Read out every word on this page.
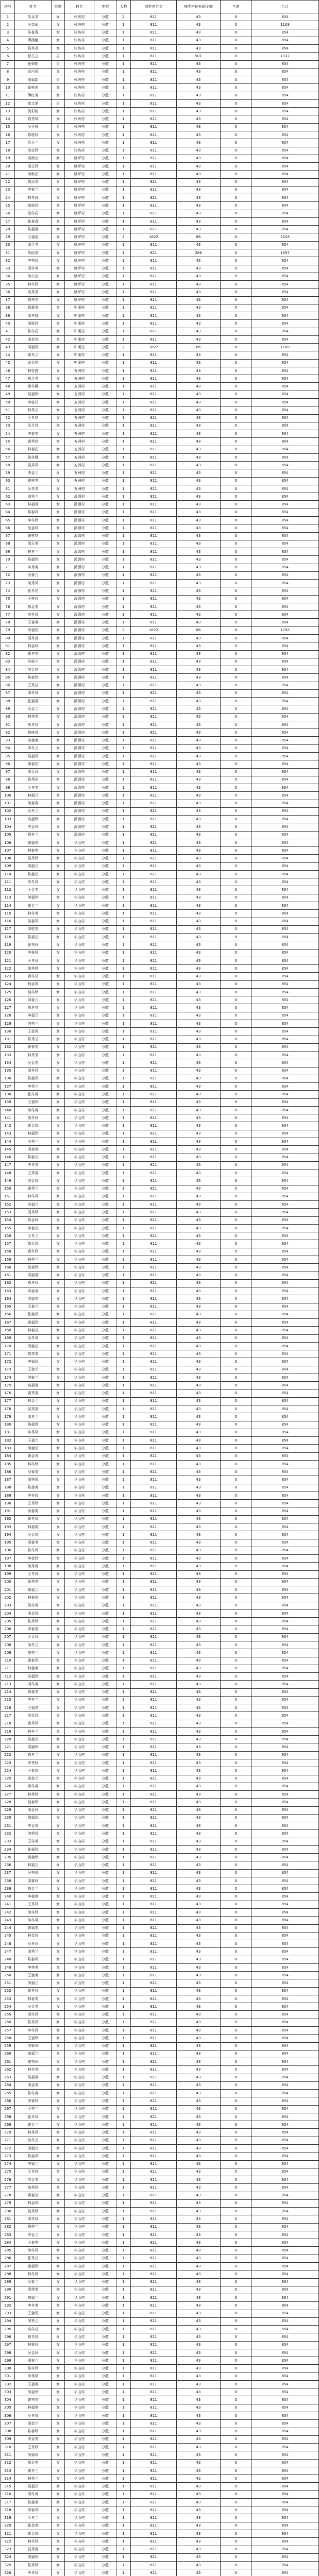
序号	姓名	性别	村名	类型	人数	同类养老金	独生村民补助金额	年度	合计
1	朱永芳	女	张坊村	分散	2	811	43	0	854
2	吴益菊	女	张坊村	分散	1	811	43	0	1108
3	朱春香	女	张坊村	分散	1	811	43	0	854
4	傅扬艳	女	张坊村	分散	1	811	43	0	854
5	陈秀君	女	张坊村	分散	1	811	43	0	854
6	彭关立	男	张坊村	分散	1	811	501	0	1312
7	张荣阳	男	张坊村	分散	1	811	43	0	854
8	余巧凤	女	张坊村	分散	1	811	43	0	854
9	徐福新	男	张坊村	分散	1	811	43	0	854
10	张桂连	女	张坊村	分散	1	811	43	0	854
11	傅红英	女	张坊村	分散	1	811	43	0	854
12	徐文荣	男	张坊村	分散	1	811	43	0	854
13	吴彩仙	女	张坊村	分散	1	811	43	0	854
14	陈秀凤	女	张坊村	分散	1	811	43	0	854
15	吴日荣	男	张坊村	分散	1	811	43	0	854
16	陈桂珍	女	张坊村	分散	1	811	43	0	854
17	彭玉兰	女	张坊村	分散	1	811	43	0	854
18	吴宝珍	女	张坊村	分散	1	811	43	0	854
19	高梅兰	女	桃坪村	分散	1	811	43	0	854
20	周玉珍	女	桃坪村	分散	1	811	43	0	854
21	何秋花	女	桃坪村	分散	1	811	43	0	854
22	陈水英	女	桃坪村	分散	1	811	43	0	854
23	李春兰	女	桃坪村	分散	1	811	43	0	854
24	林冬凤	女	桃坪村	分散	1	811	43	0	854
25	高桂珍	女	桃坪村	分散	1	811	43	0	854
26	范冬花	女	桃坪村	分散	1	811	43	0	854
27	张春香	女	桃坪村	分散	1	811	43	0	854
28	陈福英	女	桃坪村	分散	1	811	43	0	854
29	王福连	女	桃坪村	分散	2	1622	86	0	2108
30	周月英	女	桃坪村	分散	1	811	43	0	854
31	朱仙英	女	桃坪村	分散	1	811	286	0	1097
32	李秀珍	女	桃坪村	分散	1	811	43	0	854
33	周冬英	女	桃坪村	分散	1	811	43	0	854
34	何小云	女	桃坪村	分散	1	811	43	0	854
35	林冬珍	女	桃坪村	分散	1	811	43	0	854
36	高秀芳	女	桃坪村	分散	1	811	43	0	854
37	陈秀芳	女	桃坪村	分散	1	811	43	0	854
38	陈素英	女	中溪村	分散	1	811	43	0	854
39	周冬娥	女	中溪村	分散	1	811	43	0	854
40	周桂珍	女	中溪村	分散	1	811	43	0	854
41	陈冬花	女	中溪村	分散	1	811	43	0	854
42	周金凤	女	中溪村	分散	1	811	43	0	854
43	周福凤	女	中溪村	分散	2	1622	86	0	1708
44	黄冬兰	女	中溪村	分散	1	811	43	0	854
45	余金花	女	中溪村	分散	1	811	43	0	854
46	林雪莲	女	五洲村	分散	1	811	43	0	854
47	陈月英	女	五洲村	分散	1	811	43	0	854
48	黄冬娥	女	五洲村	分散	1	811	43	0	854
49	吴福珍	女	五洲村	分散	1	811	43	0	854
50	李桂兰	女	五洲村	分散	1	811	43	0	854
51	林秀兰	女	五洲村	分散	1	811	43	0	854
52	王冬花	女	五洲村	分散	1	811	43	0	854
53	吴月珍	女	五洲村	分散	1	811	43	0	854
54	李春英	女	五洲村	分散	1	811	43	0	854
55	黄秀珍	女	五洲村	分散	1	811	43	0	854
56	林春花	女	五洲村	分散	1	811	43	0	854
57	陈冬娥	女	五洲村	分散	1	811	43	0	854
58	吴秀凤	女	五洲村	分散	1	811	43	0	854
59	李金兰	女	五洲村	分散	1	811	43	0	854
60	黄桂英	女	五洲村	分散	1	811	43	0	854
61	吴冬英	女	五洲村	分散	1	811	43	0	854
62	周秀兰	女	溪源村	分散	1	811	43	0	854
63	林福英	女	溪源村	分散	1	811	43	0	854
64	陈春凤	女	溪源村	分散	1	811	43	0	854
65	李冬珍	女	溪源村	分散	1	811	43	0	854
66	吴金凤	女	溪源村	分散	1	811	43	0	854
67	黄桂花	女	溪源村	分散	1	811	43	0	854
68	周玉英	女	溪源村	分散	1	811	43	0	854
69	林冬兰	女	溪源村	分散	1	811	43	0	854
70	陈福珍	女	溪源村	分散	1	811	43	0	854
71	李秀英	女	溪源村	分散	1	811	43	0	854
72	吴春兰	女	溪源村	分散	1	811	43	0	854
73	何秀凤	女	溪源村	分散	1	811	43	0	854
74	张冬花	女	溪源村	分散	1	811	43	0	854
75	王桂珍	女	溪源村	分散	1	811	43	0	854
76	陈金英	女	溪源村	分散	1	811	43	0	854
77	何冬凤	女	溪源村	分散	1	811	43	0	854
78	王春英	女	溪源村	分散	1	811	43	0	854
79	李福花	女	溪源村	分散	2	1622	86	0	1708
80	周秀芳	女	溪源村	分散	1	811	43	0	854
81	林金珍	女	溪源村	分散	1	811	43	0	854
82	黄冬英	女	溪源村	分散	1	811	43	0	854
83	吴桂兰	女	溪源村	分散	1	811	43	0	854
84	何金花	女	溪源村	分散	1	811	43	0	854
85	陈春珍	女	溪源村	分散	1	811	43	0	854
86	王秀兰	女	溪源村	分散	1	811	43	0	854
87	周冬凤	女	溪源村	分散	1	811	43	0	854
88	张福英	女	溪源村	分散	1	811	43	0	854
89	吴金兰	女	溪源村	分散	1	811	43	0	854
90	林秀英	女	溪源村	分散	1	811	43	0	854
91	朱冬珍	女	溪源村	分散	1	811	43	0	854
92	陈桂凤	女	溪源村	分散	1	811	43	0	854
93	高金英	女	溪源村	分散	1	811	43	0	854
94	李冬兰	女	溪源村	分散	1	811	43	0	854
95	吴福凤	女	溪源村	分散	1	811	43	0	854
96	黄春花	女	溪源村	分散	1	811	43	0	854
97	周金珍	女	溪源村	分散	1	811	43	0	854
98	陈秀花	女	溪源村	分散	1	811	43	0	854
99	王冬英	女	溪源村	分散	1	811	43	0	854
100	林福兰	女	溪源村	分散	1	811	43	0	854
101	何春英	女	溪源村	分散	1	811	43	0	854
102	吴冬兰	女	溪源村	分散	1	811	43	0	854
103	高福珍	女	溪源村	分散	1	811	43	0	854
104	李金凤	女	溪源村	分散	1	811	43	0	854
105	陈冬兰	女	溪源村	分散	1	811	43	0	854
106	黄福英	女	华山村	分散	1	811	43	0	854
107	林春英	女	华山村	分散	1	811	43	0	854
108	吴秀珍	女	华山村	分散	1	811	43	0	854
109	周福兰	女	华山村	分散	1	811	43	0	854
110	陈金兰	女	华山村	分散	1	811	43	0	854
111	李冬凤	女	华山村	分散	1	811	43	0	854
112	王金英	女	华山村	分散	1	811	43	0	854
113	何福珍	女	华山村	分散	1	811	43	0	854
114	黄金兰	女	华山村	分散	1	811	43	0	854
115	林冬英	女	华山村	分散	1	811	43	0	854
116	吴春凤	女	华山村	分散	1	811	43	0	854
117	周桂英	女	华山村	分散	1	811	43	0	854
118	陈福兰	女	华山村	分散	1	811	43	0	854
119	张秀珍	女	华山村	分散	1	811	43	0	854
120	李春凤	女	华山村	分散	1	811	43	0	854
121	王冬珍	女	华山村	分散	1	811	43	0	854
122	高秀英	女	华山村	分散	1	811	43	0	854
123	黄冬兰	女	华山村	分散	1	811	43	0	854
124	林金凤	女	华山村	分散	1	811	43	0	854
125	吴冬珍	女	华山村	分散	1	811	43	0	854
126	周春兰	女	华山村	分散	1	811	43	0	854
127	陈冬英	女	华山村	分散	1	811	43	0	854
128	李福兰	女	华山村	分散	1	811	43	0	854
129	何秀兰	女	华山村	分散	1	811	43	0	854
130	王金凤	女	华山村	分散	1	811	43	0	854
131	陈秀兰	女	华山村	分散	1	811	43	0	854
132	黄春英	女	华山村	分散	1	811	43	0	854
133	林秀芳	女	华山村	分散	1	811	43	0	854
134	吴金英	女	华山村	分散	1	811	43	0	854
135	周冬珍	女	华山村	分散	1	811	43	0	854
136	陈金凤	女	华山村	分散	1	811	43	0	854
137	李秀兰	女	华山村	分散	1	811	43	0	854
138	张冬英	女	华山村	分散	1	811	43	0	854
139	王福珍	女	华山村	分散	1	811	43	0	854
140	何冬英	女	华山村	分散	1	811	43	0	854
141	高冬珍	女	华山村	分散	1	811	43	0	854
142	黄金凤	女	华山村	分散	1	811	43	0	854
143	林福珍	女	华山村	分散	1	811	43	0	854
144	吴秀兰	女	华山村	分散	1	811	43	0	854
145	周金英	女	华山村	分散	1	811	43	0	854
146	陈春兰	女	华山村	分散	1	811	43	0	854
147	李冬英	女	华山村	分散	1	811	43	0	854
148	王秀英	女	华山村	分散	1	811	43	0	854
149	何金凤	女	华山村	分散	1	811	43	0	854
150	黄秀兰	女	华山村	分散	1	811	43	0	854
151	林冬凤	女	华山村	分散	1	811	43	0	854
152	吴福兰	女	华山村	分散	1	811	43	0	854
153	周秀珍	女	华山村	分散	1	811	43	0	854
154	陈金珍	女	华山村	分散	1	811	43	0	854
155	李春兰	女	华山村	分散	1	811	43	0	854
156	王冬兰	女	华山村	分散	1	811	43	0	854
157	高金凤	女	华山村	分散	1	811	43	0	854
158	黄冬珍	女	华山村	分散	1	811	43	0	854
159	林秀兰	女	华山村	分散	1	811	43	0	854
160	吴金珍	女	华山村	分散	1	811	43	0	854
161	周福英	女	华山村	分散	1	811	43	0	854
162	陈冬珍	女	华山村	分散	1	811	43	0	854
163	李金英	女	华山村	分散	1	811	43	0	854
164	何福英	女	华山村	分散	1	811	43	0	854
165	王春兰	女	华山村	分散	1	811	43	0	854
166	张金凤	女	华山村	分散	1	811	43	0	854
167	黄福珍	女	华山村	分散	1	811	43	0	854
168	林春兰	女	华山村	分散	1	811	43	0	854
169	吴冬凤	女	华山村	分散	1	811	43	0	854
170	周金兰	女	华山村	分散	1	811	43	0	854
171	陈秀英	女	华山村	分散	1	811	43	0	854
172	李福珍	女	华山村	分散	1	811	43	0	854
173	王金兰	女	华山村	分散	1	811	43	0	854
174	何春兰	女	华山村	分散	1	811	43	0	854
175	高福英	女	华山村	分散	1	811	43	0	854
176	黄秀英	女	华山村	分散	1	811	43	0	854
177	林金兰	女	华山村	分散	1	811	43	0	854
178	吴秀英	女	华山村	分散	1	811	43	0	854
179	周冬兰	女	华山村	分散	1	811	43	0	854
180	陈福英	女	华山村	分散	1	811	43	0	854
181	李秀凤	女	华山村	分散	1	811	43	0	854
182	王福兰	女	华山村	分散	1	811	43	0	854
183	何金兰	女	华山村	分散	1	811	43	0	854
184	黄金英	女	华山村	分散	1	811	43	0	854
185	林冬珍	女	华山村	分散	1	811	43	0	854
186	吴春英	女	华山村	分散	1	811	43	0	854
187	周秀凤	女	华山村	分散	1	811	43	0	854
188	陈金英	女	华山村	分散	1	811	43	0	854
189	李冬珍	女	华山村	分散	1	811	43	0	854
190	王秀珍	女	华山村	分散	1	811	43	0	854
191	高春英	女	华山村	分散	1	811	43	0	854
192	黄冬凤	女	华山村	分散	1	811	43	0	854
193	林福英	女	华山村	分散	1	811	43	0	854
194	吴金凤	女	华山村	分散	1	811	43	0	854
195	周春英	女	华山村	分散	1	811	43	0	854
196	陈冬凤	女	华山村	分散	1	811	43	0	854
197	李金珍	女	华山村	分散	1	811	43	0	854
198	何秀英	女	华山村	分散	1	811	43	0	854
199	王冬凤	女	华山村	分散	1	811	43	0	854
200	张秀英	女	华山村	分散	1	811	43	0	854
201	黄福兰	女	华山村	分散	1	811	43	0	854
202	林春凤	女	华山村	分散	1	811	43	0	854
203	吴冬英	女	华山村	分散	1	811	43	0	854
204	周金凤	女	华山村	分散	1	811	43	0	854
205	陈秀珍	女	华山村	分散	1	811	43	0	854
206	李春英	女	华山村	分散	1	811	43	0	854
207	王金珍	女	华山村	分散	1	811	43	0	854
208	何冬兰	女	华山村	分散	1	811	43	0	854
209	高秀兰	女	华山村	分散	1	811	43	0	854
210	黄春凤	女	华山村	分散	1	811	43	0	854
211	林金英	女	华山村	分散	1	811	43	0	854
212	吴福珍	女	华山村	分散	1	811	43	0	854
213	周冬英	女	华山村	分散	1	811	43	0	854
214	陈春英	女	华山村	分散	1	811	43	0	854
215	李冬兰	女	华山村	分散	1	811	43	0	854
216	王福英	女	华山村	分散	1	811	43	0	854
217	何金珍	女	华山村	分散	1	811	43	0	854
218	黄秀凤	女	华山村	分散	1	811	43	0	854
219	林冬兰	女	华山村	分散	1	811	43	0	854
220	吴金兰	女	华山村	分散	1	811	43	0	854
221	周福珍	女	华山村	分散	1	811	43	0	854
222	陈冬兰	女	华山村	分散	1	811	43	0	854
223	李秀珍	女	华山村	分散	1	811	43	0	854
224	王春凤	女	华山村	分散	1	811	43	0	854
225	高金兰	女	华山村	分散	1	811	43	0	854
226	黄冬英	女	华山村	分散	1	811	43	0	854
227	林秀珍	女	华山村	分散	1	811	43	0	854
228	吴春珍	女	华山村	分散	1	811	43	0	854
229	周金珍	女	华山村	分散	1	811	43	0	854
230	陈福珍	女	华山村	分散	1	811	43	0	854
231	李金凤	女	华山村	分散	1	811	43	0	854
232	何秀珍	女	华山村	分散	1	811	43	0	854
233	王冬英	女	华山村	分散	1	811	43	0	854
234	张福珍	女	华山村	分散	1	811	43	0	854
235	黄金珍	女	华山村	分散	1	811	43	0	854
236	林福兰	女	华山村	分散	1	811	43	0	854
237	吴秀凤	女	华山村	分散	1	811	43	0	854
238	周春珍	女	华山村	分散	1	811	43	0	854
239	陈金兰	女	华山村	分散	1	811	43	0	854
240	李福英	女	华山村	分散	1	811	43	0	854
241	王秀凤	女	华山村	分散	1	811	43	0	854
242	何冬珍	女	华山村	分散	1	811	43	0	854
243	高冬英	女	华山村	分散	1	811	43	0	854
244	黄福英	女	华山村	分散	1	811	43	0	854
245	林金珍	女	华山村	分散	1	811	43	0	854
246	吴冬珍	女	华山村	分散	1	811	43	0	854
247	周秀兰	女	华山村	分散	1	811	43	0	854
248	陈春凤	女	华山村	分散	1	811	43	0	854
249	李秀英	女	华山村	分散	1	811	43	0	854
250	王金英	女	华山村	分散	1	811	43	0	854
251	何福兰	女	华山村	分散	1	811	43	0	854
252	黄冬珍	女	华山村	分散	1	811	43	0	854
253	林春英	女	华山村	分散	1	811	43	0	854
254	吴金英	女	华山村	分散	1	811	43	0	854
255	周冬凤	女	华山村	分散	1	811	43	0	854
256	陈秀凤	女	华山村	分散	1	811	43	0	854
257	李冬凤	女	华山村	分散	1	811	43	0	854
258	王福珍	女	华山村	分散	1	811	43	0	854
259	何春凤	女	华山村	分散	1	811	43	0	854
260	高福兰	女	华山村	分散	1	811	43	0	854
261	黄秀珍	女	华山村	分散	1	811	43	0	854
262	林冬英	女	华山村	分散	1	811	43	0	854
263	吴福英	女	华山村	分散	1	811	43	0	854
264	周金英	女	华山村	分散	1	811	43	0	854
265	陈冬英	女	华山村	分散	1	811	43	0	854
266	李春珍	女	华山村	分散	1	811	43	0	854
267	王秀兰	女	华山村	分散	1	811	43	0	854
268	张冬珍	女	华山村	分散	1	811	43	0	854
269	黄金兰	女	华山村	分散	1	811	43	0	854
270	林秀凤	女	华山村	分散	1	811	43	0	854
271	吴冬兰	女	华山村	分散	1	811	43	0	854
272	周福兰	女	华山村	分散	1	811	43	0	854
273	陈金凤	女	华山村	分散	1	811	43	0	854
274	李福兰	女	华山村	分散	1	811	43	0	854
275	王冬珍	女	华山村	分散	1	811	43	0	854
276	何金英	女	华山村	分散	1	811	43	0	854
277	高秀珍	女	华山村	分散	1	811	43	0	854
278	黄春兰	女	华山村	分散	1	811	43	0	854
279	林金凤	女	华山村	分散	1	811	43	0	854
280	吴秀珍	女	华山村	分散	1	811	43	0	854
281	周冬珍	女	华山村	分散	1	811	43	0	854
282	陈秀兰	女	华山村	分散	1	811	43	0	854
283	李金兰	女	华山村	分散	1	811	43	0	854
284	王春英	女	华山村	分散	1	811	43	0	854
285	何冬凤	女	华山村	分散	1	811	43	0	854
286	张秀兰	女	华山村	分散	1	811	43	0	854
287	黄福珍	女	华山村	分散	1	811	43	0	854
288	林冬凤	女	华山村	分散	1	811	43	0	854
289	吴春兰	女	华山村	分散	1	811	43	0	854
290	周秀英	女	华山村	分散	1	811	43	0	854
291	陈福兰	女	华山村	分散	1	811	43	0	854
292	李冬英	女	华山村	分散	1	811	43	0	854
293	王金凤	女	华山村	分散	1	811	43	0	854
294	何秀兰	女	华山村	分散	1	811	43	0	854
295	高冬兰	女	华山村	分散	1	811	43	0	854
296	黄冬凤	女	华山村	分散	1	811	43	0	854
297	林春珍	女	华山村	分散	1	811	43	0	854
298	吴金珍	女	华山村	分散	1	811	43	0	854
299	周春兰	女	华山村	分散	1	811	43	0	854
300	陈冬珍	女	华山村	分散	1	811	43	0	854
301	李秀凤	女	华山村	分散	1	811	43	0	854
302	王福英	女	华山村	分散	1	811	43	0	854
303	何金珍	女	华山村	分散	1	811	43	0	854
304	黄秀英	女	华山村	分散	1	811	43	0	854
305	林福英	女	华山村	分散	1	811	43	0	854
306	吴冬凤	女	华山村	分散	1	811	43	0	854
307	周金兰	女	华山村	分散	1	811	43	0	854
308	陈春珍	女	华山村	分散	1	811	43	0	854
309	李金英	女	华山村	分散	1	811	43	0	854
310	王秀珍	女	华山村	分散	1	811	43	0	854
311	何福珍	女	华山村	分散	1	811	43	0	854
312	高金英	女	华山村	分散	1	811	43	0	854
313	黄冬兰	女	华山村	分散	1	811	43	0	854
314	林秀兰	女	华山村	分散	1	811	43	0	854
315	吴福兰	女	华山村	分散	1	811	43	0	854
316	周冬英	女	华山村	分散	1	811	43	0	854
317	陈金英	女	华山村	分散	1	811	43	0	854
318	李春凤	女	华山村	分散	1	811	43	0	854
319	王冬兰	女	华山村	分散	1	811	43	0	854
320	张金英	女	华山村	分散	1	811	43	0	854
321	黄金凤	女	华山村	分散	1	811	43	0	854
322	林冬珍	女	华山村	分散	1	811	43	0	854
323	吴秀英	女	华山村	分散	1	811	43	0	854
324	周福珍	女	华山村	分散	1	811	43	0	854
325	陈秀珍	女	华山村	分散	1	811	43	0	854
326	李冬珍	女	华山村	分散	1	811	43	0	854
